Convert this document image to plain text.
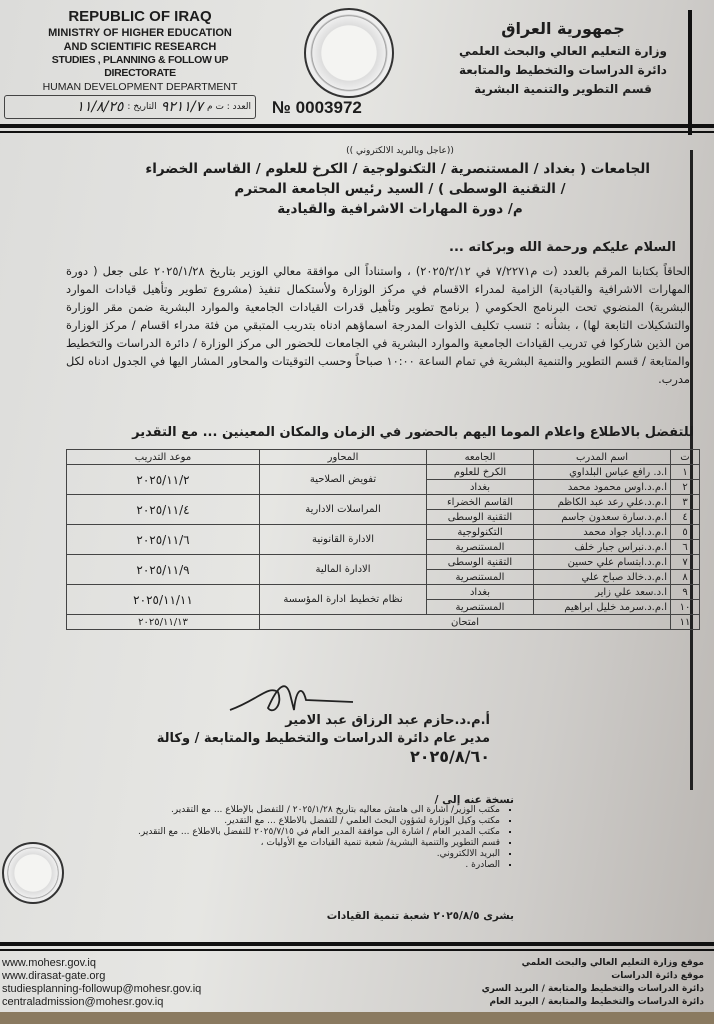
REPUBLIC OF IRAQ
MINISTRY OF HIGHER EDUCATION
AND SCIENTIFIC RESEARCH
STUDIES , PLANNING & FOLLOW UP DIRECTORATE
HUMAN DEVELOPMENT DEPARTMENT
جمهورية العراق
وزارة التعليم العالي والبحث العلمي
دائرة الدراسات والتخطيط والمتابعة
قسم التطوير والتنمية البشرية
العدد : ت م
٩٢١١/٧
التاريخ :
١١/٨/٢٥	№ 0003972
((عاجل وبالبريد الالكتروني ))
الجامعات ( بغداد / المستنصرية / التكنولوجية / الكرخ للعلوم / القاسم الخضراء
/ التقنية الوسطى ) / السيد رئيس الجامعة المحترم
م/ دورة المهارات الاشرافية والقيادية
السلام عليكم ورحمة الله وبركاته ...
الحاقاً بكتابنا المرقم بالعدد (ت م٧/٢٢٧١ في ٢٠٢٥/٢/١٢) ، واستناداً الى موافقة معالي الوزير بتاريخ ٢٠٢٥/١/٢٨ على جعل ( دورة المهارات الاشرافية والقيادية) الزامية لمدراء الاقسام في مركز الوزارة ولأستكمال تنفيذ (مشروع تطوير وتأهيل قيادات الموارد البشرية) المنضوي تحت البرنامج الحكومي ( برنامج تطوير وتأهيل قدرات القيادات الجامعية والموارد البشرية ضمن مقر الوزارة والتشكيلات التابعة لها) ، بشأنه : تنسب تكليف الذوات المدرجة اسماؤهم ادناه بتدريب المتبقي من فئة مدراء اقسام / مركز الوزارة من الذين شاركوا في تدريب القيادات الجامعية والموارد البشرية في الجامعات للحضور الى مركز الوزارة / دائرة الدراسات والتخطيط والمتابعة / قسم التطوير والتنمية البشرية في تمام الساعة ١٠:٠٠ صباحاً وحسب التوقيتات والمحاور المشار اليها في الجدول ادناه لكل مدرب.
للتفضل بالاطلاع واعلام الموما اليهم بالحضور في الزمان والمكان المعينين ... مع التقدير
ت	اسم المدرب	الجامعه	المحاور	موعد التدريب
١	ا.د. رافع عباس البلداوي	الكرخ للعلوم	تفويض الصلاحية	٢٠٢٥/١١/٢
٢	ا.م.د.اوس محمود محمد	بغداد		
٣	ا.م.د.علي رعد عبد الكاظم	القاسم الخضراء	المراسلات الادارية	٢٠٢٥/١١/٤
٤	ا.م.د.سارة سعدون جاسم	التقنية الوسطى		
٥	ا.م.د.اياد جواد محمد	التكنولوجية	الادارة القانونية	٢٠٢٥/١١/٦
٦	ا.م.د.نبراس جبار خلف	المستنصرية		
٧	ا.م.د.ابتسام علي حسين	التقنية الوسطى	الادارة المالية	٢٠٢٥/١١/٩
٨	ا.م.د.خالد صباح علي	المستنصرية		
٩	ا.د.سعد علي زاير	بغداد	نظام تخطيط ادارة المؤسسة	٢٠٢٥/١١/١١
١٠	ا.م.د.سرمد خليل ابراهيم	المستنصرية		
١١	امتحان			٢٠٢٥/١١/١٣
أ.م.د.حازم عبد الرزاق عبد الامير
مدير عام دائرة الدراسات والتخطيط والمتابعة / وكالة
٢٠٢٥/٨/٦٠
نسخة عنه إلى /
▪ مكتب الوزير/ اشارة الى هامش معاليه بتاريخ ٢٠٢٥/١/٢٨ / للتفضل بالإطلاع ... مع التقدير.
▪ مكتب وكيل الوزارة لشؤون البحث العلمي / للتفضل بالاطلاع ... مع التقدير.
▪ مكتب المدير العام / اشارة الى موافقة المدير العام في ٢٠٢٥/٧/١٥ للتفضل بالاطلاع ... مع التقدير.
▪ قسم التطوير والتنمية البشرية/ شعبة تنمية القيادات مع الأوليات ،
▪ البريد الالكتروني.
▪ الصادرة .
بشرى ٢٠٢٥/٨/٥ شعبة تنمية القيادات
www.mohesr.gov.iq
www.dirasat-gate.org
studiesplanning-followup@mohesr.gov.iq
centraladmission@mohesr.gov.iq
موقع وزارة التعليم العالي والبحث العلمي
موقع دائرة الدراسات
دائرة الدراسات والتخطيط والمتابعة / البريد السري
دائرة الدراسات والتخطيط والمتابعة / البريد العام
